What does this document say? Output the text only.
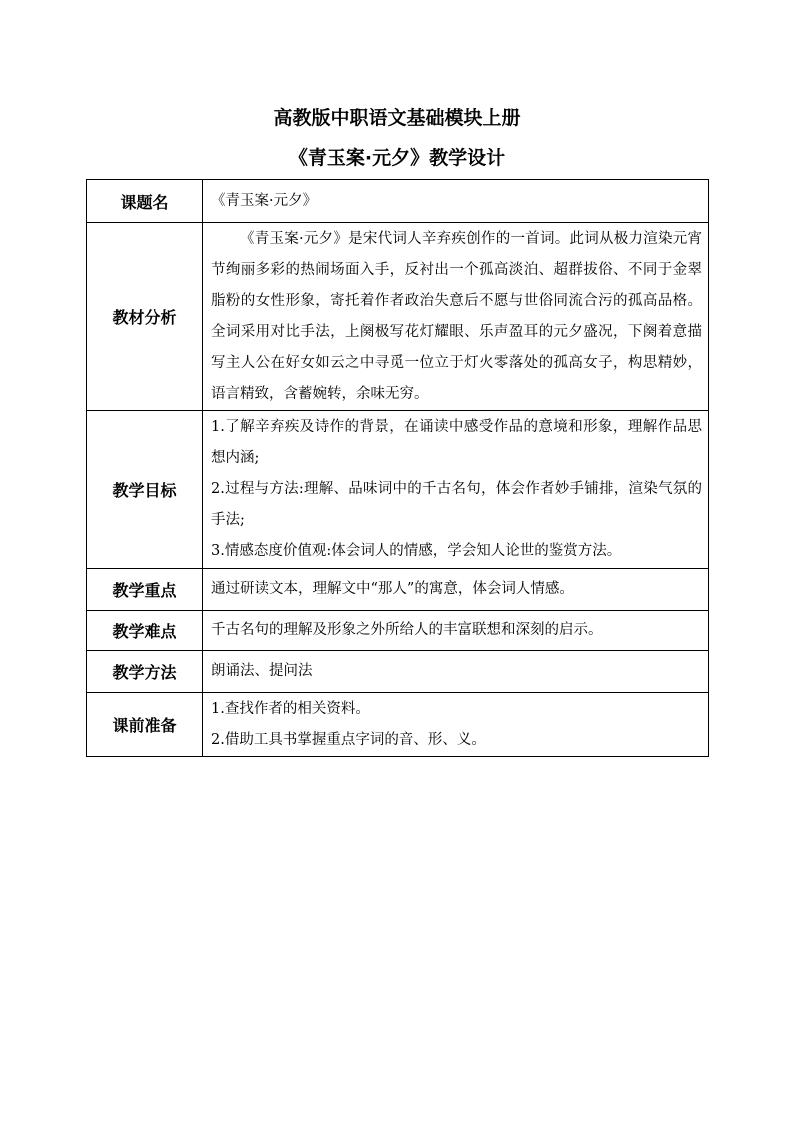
高教版中职语文基础模块上册
《青玉案·元夕》教学设计
课题名	《青玉案·元夕》
教材分析	《青玉案·元夕》是宋代词人辛弃疾创作的一首词。此词从极力渲染元宵节绚丽多彩的热闹场面入手，反衬出一个孤高淡泊、超群拔俗、不同于金翠脂粉的女性形象，寄托着作者政治失意后不愿与世俗同流合污的孤高品格。全词采用对比手法，上阕极写花灯耀眼、乐声盈耳的元夕盛况，下阕着意描写主人公在好女如云之中寻觅一位立于灯火零落处的孤高女子，构思精妙，语言精致，含蓄婉转，余味无穷。

教学目标	1.了解辛弃疾及诗作的背景，在诵读中感受作品的意境和形象，理解作品思想内涵;
2.过程与方法:理解、品味词中的千古名句，体会作者妙手铺排，渲染气氛的手法;
3.情感态度价值观:体会词人的情感，学会知人论世的鉴赏方法。

教学重点	通过研读文本，理解文中“那人”的寓意，体会词人情感。
教学难点	千古名句的理解及形象之外所给人的丰富联想和深刻的启示。
教学方法	朗诵法、提问法
课前准备	1.查找作者的相关资料。
2.借助工具书掌握重点字词的音、形、义。
